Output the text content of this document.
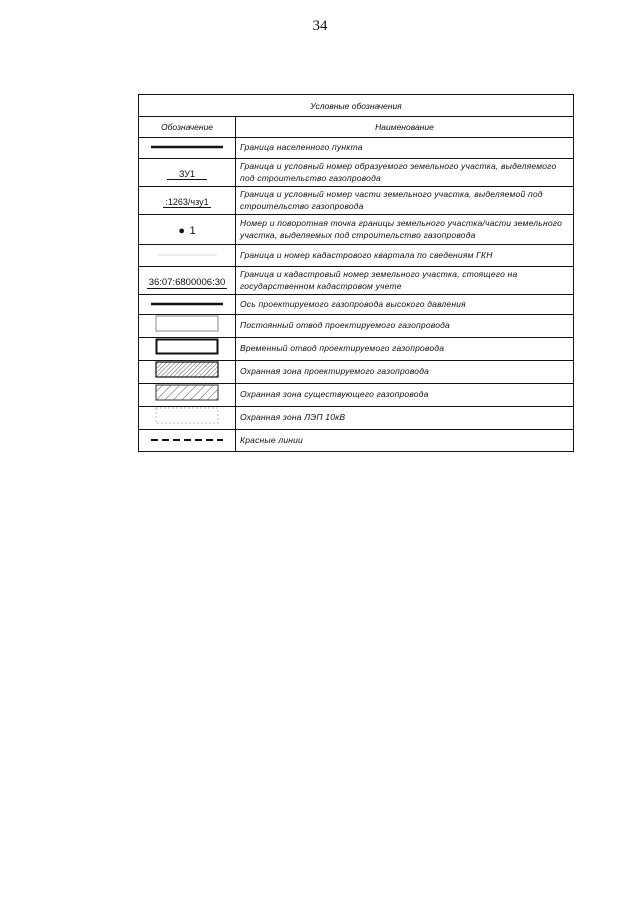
34
Условные обозначения	
Обозначение	Наименование
	Граница населенного пункта
ЗУ1	Граница и условный номер образуемого земельного участка, выделяемого под строительство газопровода
:1263/чзу1	Граница и условный номер части земельного участка, выделяемой под строительство газопровода
● 1	Номер и поворотная точка границы земельного участка/части земельного участка, выделяемых под строительство газопровода
	Граница и номер кадастрового квартала по сведениям ГКН
36:07:6800006:30	Граница и кадастровый номер земельного участка, стоящего на государственном кадастровом учете
	Ось проектируемого газопровода высокого давления
	Постоянный отвод проектируемого газопровода
	Временный отвод проектируемого газопровода
	Охранная зона проектируемого газопровода
	Охранная зона существующего газопровода
	Охранная зона ЛЭП 10кВ
	Красные линии
